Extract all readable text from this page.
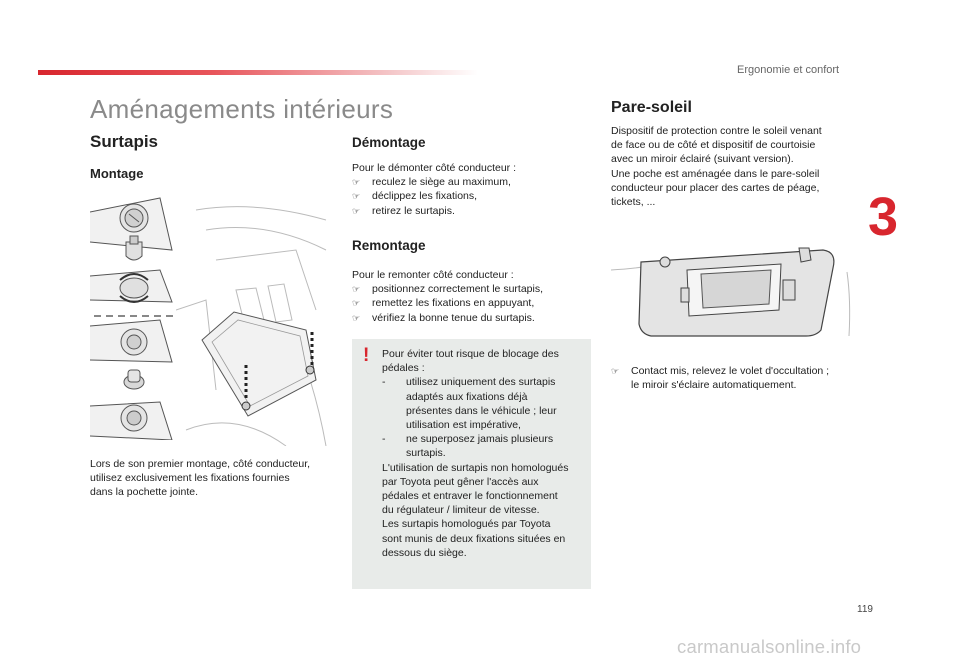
Ergonomie et confort
3
Aménagements intérieurs
Surtapis
Montage
Lors de son premier montage, côté conducteur,
utilisez exclusivement les fixations fournies
dans la pochette jointe.
Démontage
Pour le démonter côté conducteur :
☞	reculez le siège au maximum,
☞	déclippez les fixations,
☞	retirez le surtapis.
Remontage
Pour le remonter côté conducteur :
☞	positionnez correctement le surtapis,
☞	remettez les fixations en appuyant,
☞	vérifiez la bonne tenue du surtapis.
! Pour éviter tout risque de blocage des
pédales :
-	utilisez uniquement des surtapis
adaptés aux fixations déjà
présentes dans le véhicule ; leur
utilisation est impérative,
-	ne superposez jamais plusieurs
surtapis.
L'utilisation de surtapis non homologués
par Toyota peut gêner l'accès aux
pédales et entraver le fonctionnement
du régulateur / limiteur de vitesse.
Les surtapis homologués par Toyota
sont munis de deux fixations situées en
dessous du siège.
Pare-soleil
Dispositif de protection contre le soleil venant
de face ou de côté et dispositif de courtoisie
avec un miroir éclairé (suivant version).
Une poche est aménagée dans le pare-soleil
conducteur pour placer des cartes de péage,
tickets, ...
☞	Contact mis, relevez le volet d'occultation ;
le miroir s'éclaire automatiquement.
119
carmanualsonline.info
